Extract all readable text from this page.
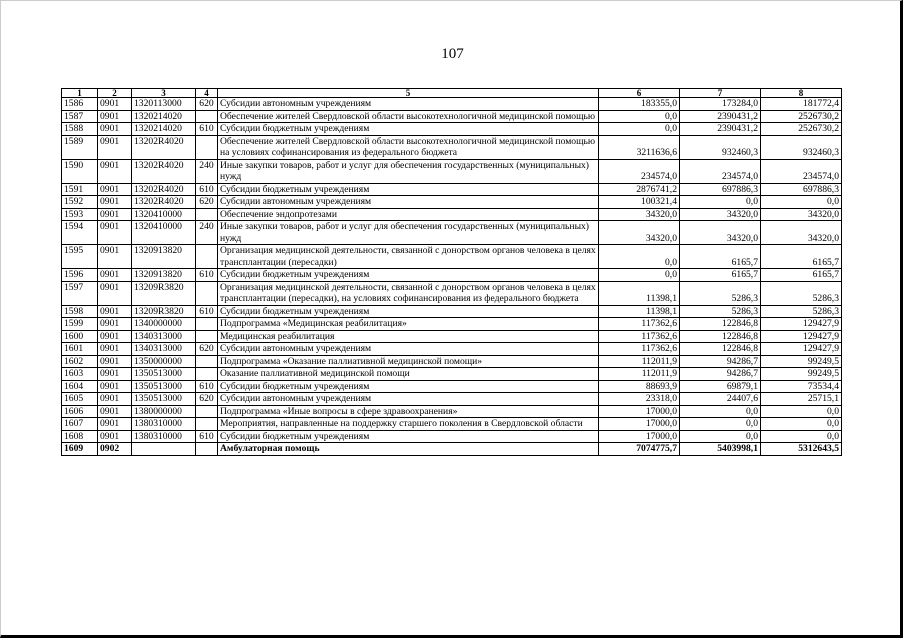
107
1	2	3	4	5	6	7	8
1586	0901	1320113000	620	Субсидии автономным учреждениям	183355,0	173284,0	181772,4
1587	0901	1320214020		Обеспечение жителей Свердловской области высокотехнологичной медицинской помощью	0,0	2390431,2	2526730,2
1588	0901	1320214020	610	Субсидии бюджетным учреждениям	0,0	2390431,2	2526730,2
1589	0901	13202R4020		Обеспечение жителей Свердловской области высокотехнологичной медицинской помощью на условиях софинансирования из федерального бюджета	3211636,6	932460,3	932460,3
1590	0901	13202R4020	240	Иные закупки товаров, работ и услуг для обеспечения государственных (муниципальных) нужд	234574,0	234574,0	234574,0
1591	0901	13202R4020	610	Субсидии бюджетным учреждениям	2876741,2	697886,3	697886,3
1592	0901	13202R4020	620	Субсидии автономным учреждениям	100321,4	0,0	0,0
1593	0901	1320410000		Обеспечение эндопротезами	34320,0	34320,0	34320,0
1594	0901	1320410000	240	Иные закупки товаров, работ и услуг для обеспечения государственных (муниципальных) нужд	34320,0	34320,0	34320,0
1595	0901	1320913820		Организация медицинской деятельности, связанной с донорством органов человека в целях трансплантации (пересадки)	0,0	6165,7	6165,7
1596	0901	1320913820	610	Субсидии бюджетным учреждениям	0,0	6165,7	6165,7
1597	0901	13209R3820		Организация медицинской деятельности, связанной с донорством органов человека в целях трансплантации (пересадки), на условиях софинансирования из федерального бюджета	11398,1	5286,3	5286,3
1598	0901	13209R3820	610	Субсидии бюджетным учреждениям	11398,1	5286,3	5286,3
1599	0901	1340000000		Подпрограмма «Медицинская реабилитация»	117362,6	122846,8	129427,9
1600	0901	1340313000		Медицинская реабилитация	117362,6	122846,8	129427,9
1601	0901	1340313000	620	Субсидии автономным учреждениям	117362,6	122846,8	129427,9
1602	0901	1350000000		Подпрограмма «Оказание паллиативной медицинской помощи»	112011,9	94286,7	99249,5
1603	0901	1350513000		Оказание паллиативной медицинской помощи	112011,9	94286,7	99249,5
1604	0901	1350513000	610	Субсидии бюджетным учреждениям	88693,9	69879,1	73534,4
1605	0901	1350513000	620	Субсидии автономным учреждениям	23318,0	24407,6	25715,1
1606	0901	1380000000		Подпрограмма «Иные вопросы в сфере здравоохранения»	17000,0	0,0	0,0
1607	0901	1380310000		Мероприятия, направленные на поддержку старшего поколения в Свердловской области	17000,0	0,0	0,0
1608	0901	1380310000	610	Субсидии бюджетным учреждениям	17000,0	0,0	0,0
1609	0902			Амбулаторная помощь	7074775,7	5403998,1	5312643,5
